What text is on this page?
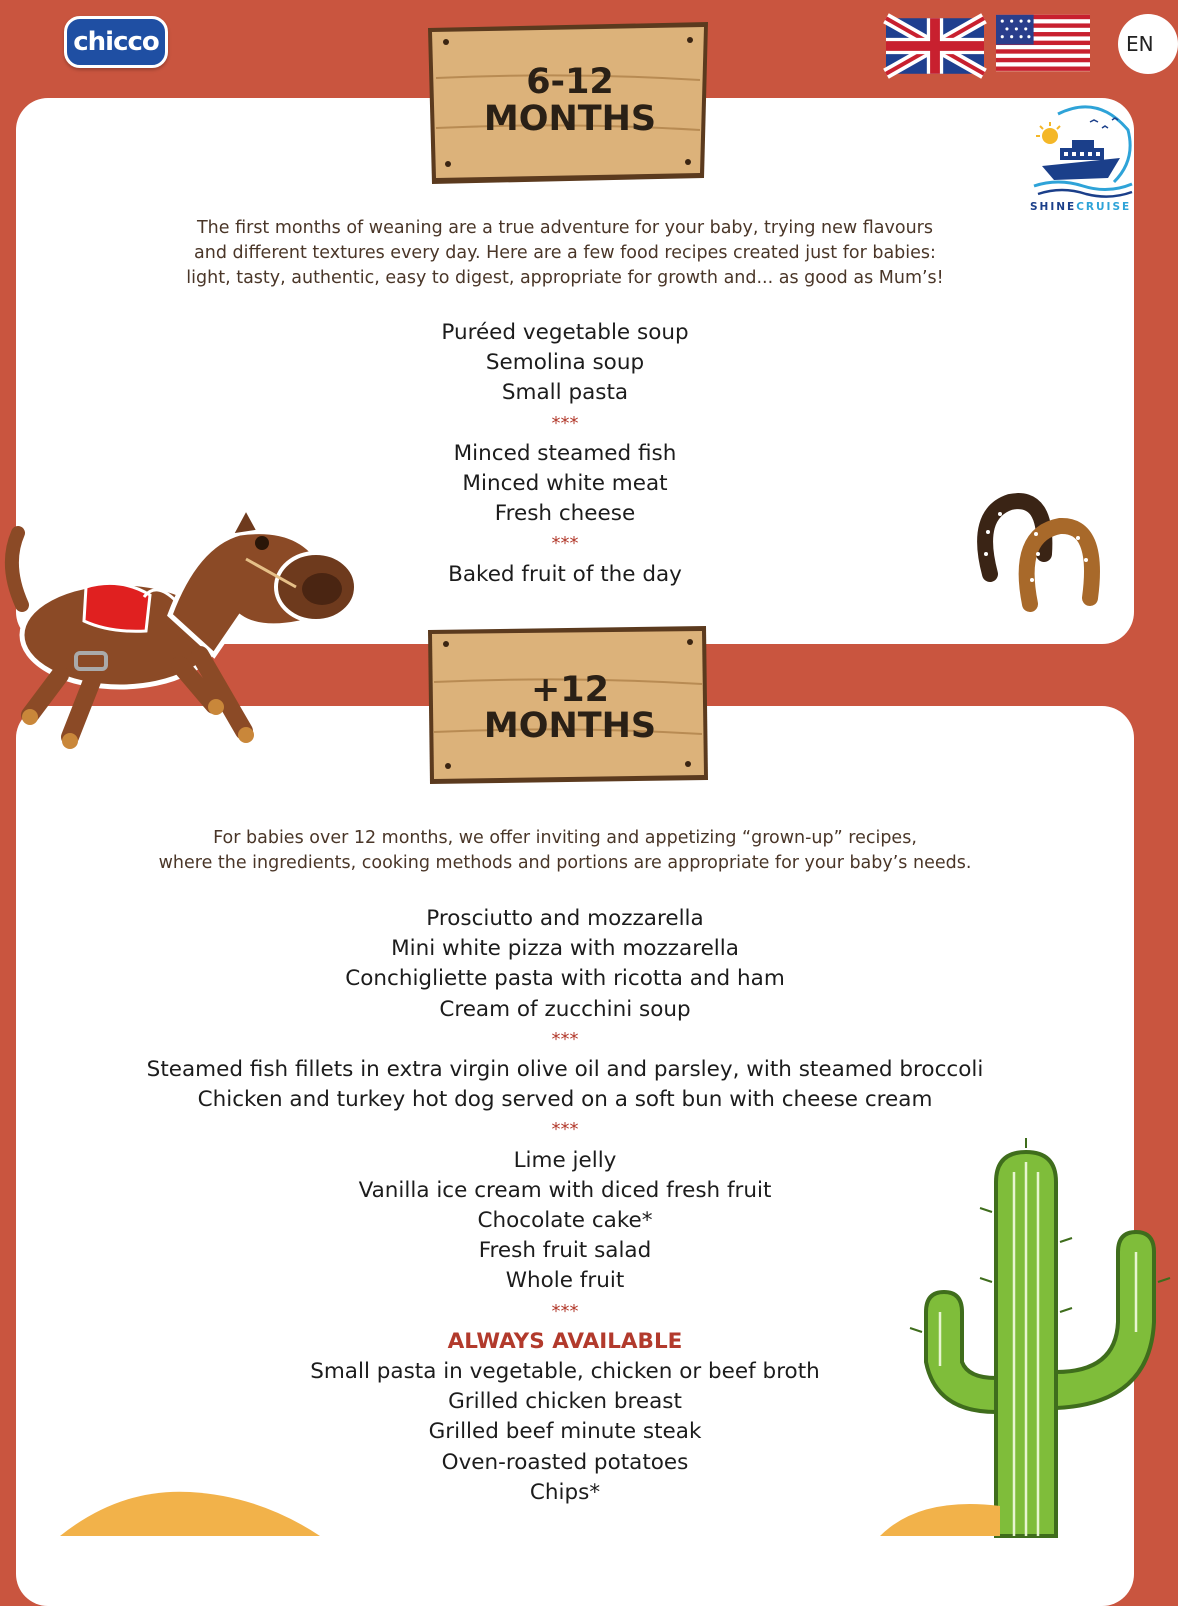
chicco	EN
SHINECRUISE
6-12
MONTHS
The first months of weaning are a true adventure for your baby, trying new flavours
and different textures every day. Here are a few food recipes created just for babies:
light, tasty, authentic, easy to digest, appropriate for growth and... as good as Mum’s!
Puréed vegetable soup
Semolina soup
Small pasta
***
Minced steamed fish
Minced white meat
Fresh cheese
***
Baked fruit of the day
+12
MONTHS
For babies over 12 months, we offer inviting and appetizing “grown-up” recipes,
where the ingredients, cooking methods and portions are appropriate for your baby’s needs.
Prosciutto and mozzarella
Mini white pizza with mozzarella
Conchigliette pasta with ricotta and ham
Cream of zucchini soup
***
Steamed fish fillets in extra virgin olive oil and parsley, with steamed broccoli
Chicken and turkey hot dog served on a soft bun with cheese cream
***
Lime jelly
Vanilla ice cream with diced fresh fruit
Chocolate cake*
Fresh fruit salad
Whole fruit
***
ALWAYS AVAILABLE
Small pasta in vegetable, chicken or beef broth
Grilled chicken breast
Grilled beef minute steak
Oven-roasted potatoes
Chips*
